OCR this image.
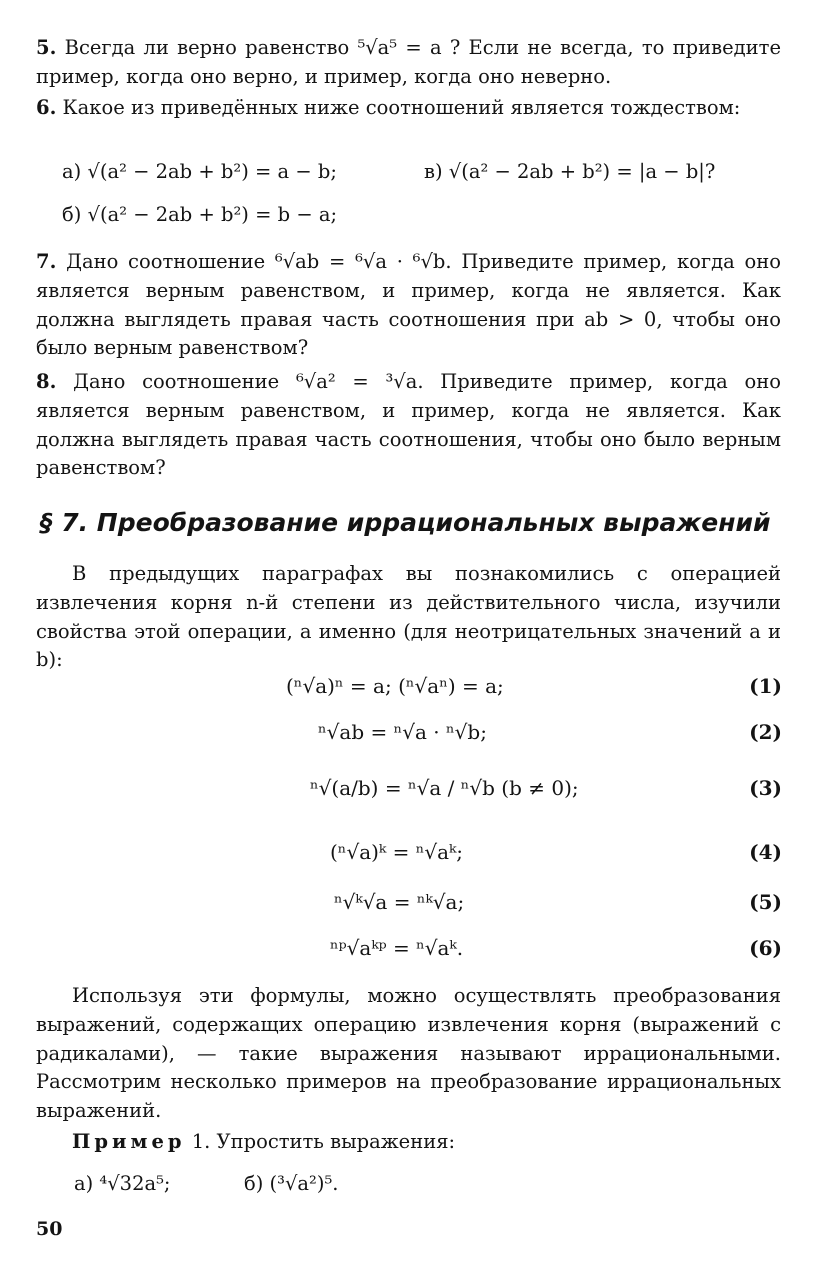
5. Всегда ли верно равенство ⁵√a⁵ = a ? Если не всегда, то приведите пример, когда оно верно, и пример, когда оно неверно.

6. Какое из приведённых ниже соотношений является тождеством:

а) √(a² − 2ab + b²) = a − b;	в) √(a² − 2ab + b²) = |a − b|?
б) √(a² − 2ab + b²) = b − a;

7. Дано соотношение ⁶√ab = ⁶√a · ⁶√b. Приведите пример, когда оно является верным равенством, и пример, когда не является. Как должна выглядеть правая часть соотношения при ab > 0, чтобы оно было верным равенством?

8. Дано соотношение ⁶√a² = ³√a. Приведите пример, когда оно является верным равенством, и пример, когда не является. Как должна выглядеть правая часть соотношения, чтобы оно было верным равенством?

§ 7. Преобразование иррациональных выражений

В предыдущих параграфах вы познакомились с операцией извлечения корня n-й степени из действительного числа, изучили свойства этой операции, а именно (для неотрицательных значений a и b):

(ⁿ√a)ⁿ = a; (ⁿ√aⁿ) = a;	(1)
ⁿ√ab = ⁿ√a · ⁿ√b;	(2)
ⁿ√(a/b) = ⁿ√a / ⁿ√b (b ≠ 0);	(3)
(ⁿ√a)ᵏ = ⁿ√aᵏ;	(4)
ⁿ√ᵏ√a = ⁿᵏ√a;	(5)
ⁿᵖ√aᵏᵖ = ⁿ√aᵏ.	(6)

Используя эти формулы, можно осуществлять преобразования выражений, содержащих операцию извлечения корня (выражений с радикалами), — такие выражения называют иррациональными. Рассмотрим несколько примеров на преобразование иррациональных выражений.

Пример 1. Упростить выражения:

а) ⁴√32a⁵;	б) (³√a²)⁵.
50
